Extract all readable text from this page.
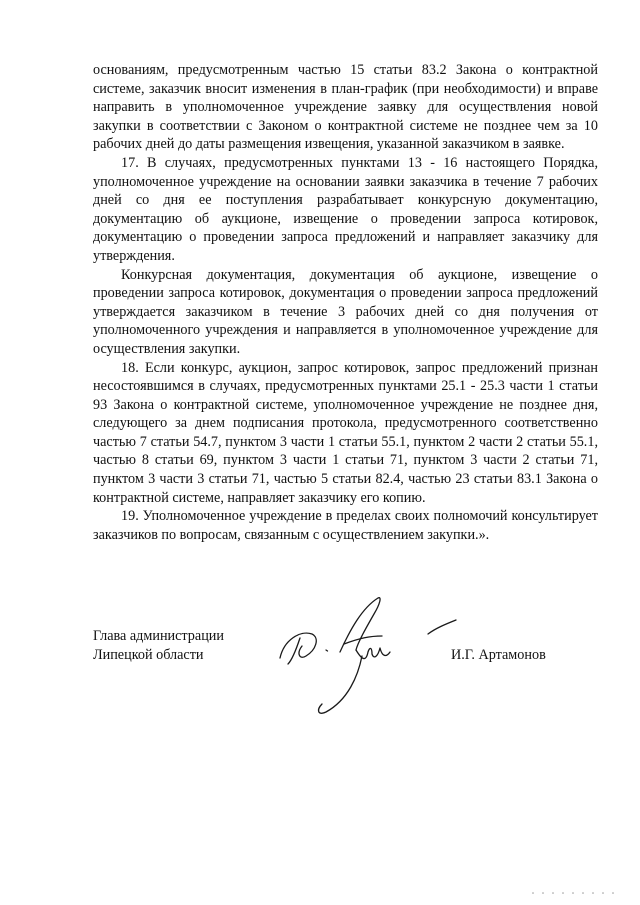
основаниям, предусмотренным частью 15 статьи 83.2 Закона о контрактной системе, заказчик вносит изменения в план-график (при необходимости) и вправе направить в уполномоченное учреждение заявку для осуществления новой закупки в соответствии с Законом о контрактной системе не позднее чем за 10 рабочих дней до даты размещения извещения, указанной заказчиком в заявке.

17. В случаях, предусмотренных пунктами 13 - 16 настоящего Порядка, уполномоченное учреждение на основании заявки заказчика в течение 7 рабочих дней со дня ее поступления разрабатывает конкурсную документацию, документацию об аукционе, извещение о проведении запроса котировок, документацию о проведении запроса предложений и направляет заказчику для утверждения.

Конкурсная документация, документация об аукционе, извещение о проведении запроса котировок, документация о проведении запроса предложений утверждается заказчиком в течение 3 рабочих дней со дня получения от уполномоченного учреждения и направляется в уполномоченное учреждение для осуществления закупки.

18. Если конкурс, аукцион, запрос котировок, запрос предложений признан несостоявшимся в случаях, предусмотренных пунктами 25.1 - 25.3 части 1 статьи 93 Закона о контрактной системе, уполномоченное учреждение не позднее дня, следующего за днем подписания протокола, предусмотренного соответственно частью 7 статьи 54.7, пунктом 3 части 1 статьи 55.1, пунктом 2 части 2 статьи 55.1, частью 8 статьи 69, пунктом 3 части 1 статьи 71, пунктом 3 части 2 статьи 71, пунктом 3 части 3 статьи 71, частью 5 статьи 82.4, частью 23 статьи 83.1 Закона о контрактной системе, направляет заказчику его копию.

19. Уполномоченное учреждение в пределах своих полномочий консультирует заказчиков по вопросам, связанным с осуществлением закупки.».

Глава администрации
Липецкой области	И.Г. Артамонов
